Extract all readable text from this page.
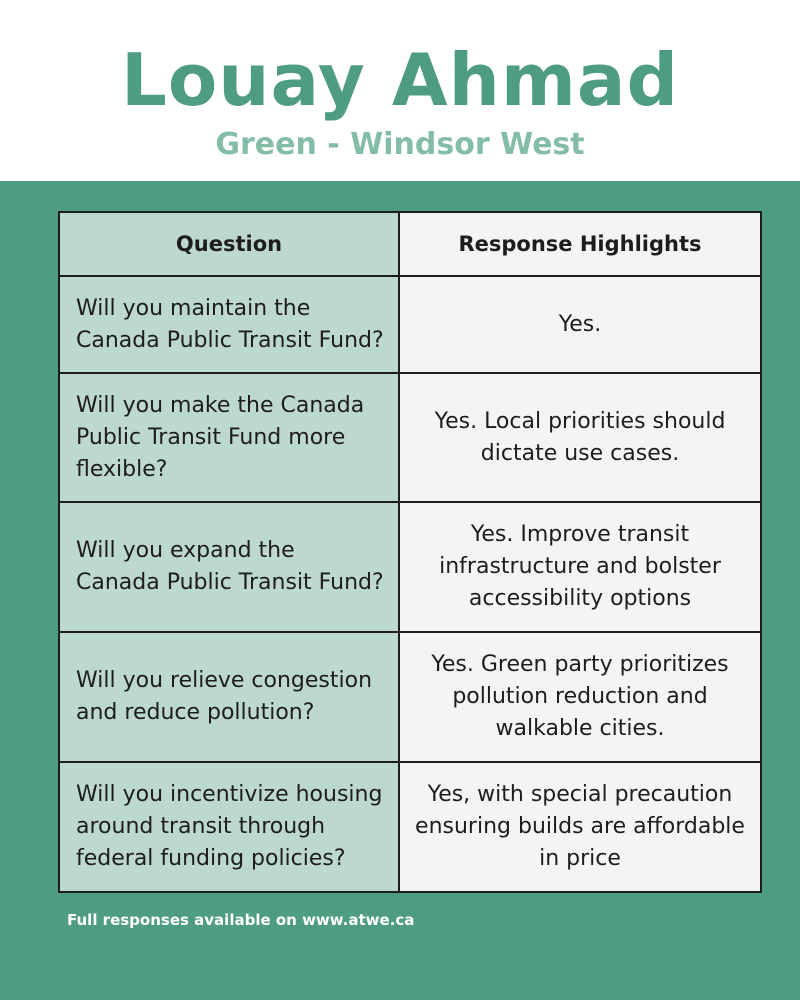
Louay Ahmad
Green - Windsor West
Question	Response Highlights
Will you maintain the Canada Public Transit Fund?	Yes.
Will you make the Canada Public Transit Fund more flexible?	Yes. Local priorities should dictate use cases.
Will you expand the Canada Public Transit Fund?	Yes. Improve transit infrastructure and bolster accessibility options
Will you relieve congestion and reduce pollution?	Yes. Green party prioritizes pollution reduction and walkable cities.
Will you incentivize housing around transit through federal funding policies?	Yes, with special precaution ensuring builds are affordable in price
Full responses available on www.atwe.ca
